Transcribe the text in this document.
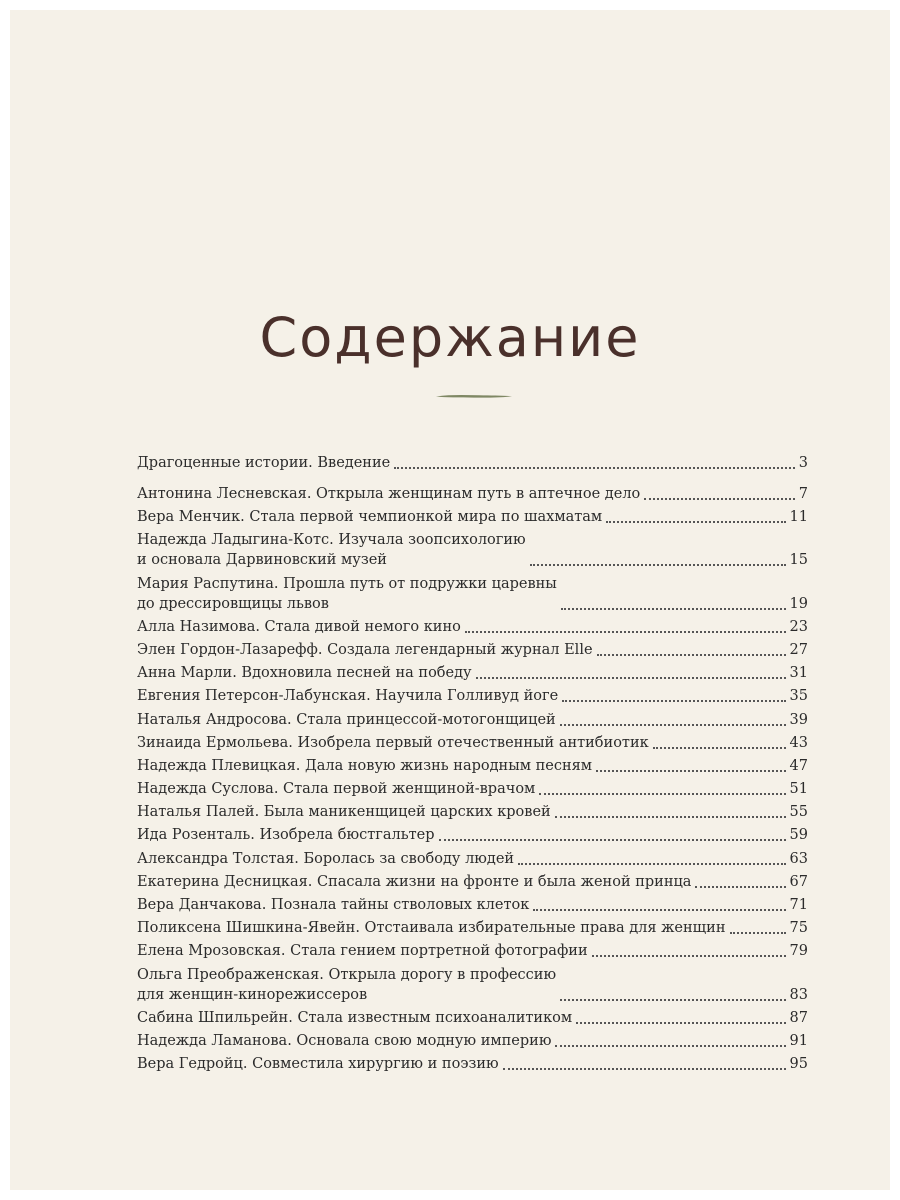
Содержание
Драгоценные истории. Введение	3
Антонина Лесневская. Открыла женщинам путь в аптечное дело	7
Вера Менчик. Стала первой чемпионкой мира по шахматам	11
Надежда Ладыгина-Котс. Изучала зоопсихологию
и основала Дарвиновский музей	15
Мария Распутина. Прошла путь от подружки царевны
до дрессировщицы львов	19
Алла Назимова. Стала дивой немого кино	23
Элен Гордон-Лазарефф. Создала легендарный журнал Elle	27
Анна Марли. Вдохновила песней на победу	31
Евгения Петерсон-Лабунская. Научила Голливуд йоге	35
Наталья Андросова. Стала принцессой-мотогонщицей	39
Зинаида Ермольева. Изобрела первый отечественный антибиотик	43
Надежда Плевицкая. Дала новую жизнь народным песням	47
Надежда Суслова. Стала первой женщиной-врачом	51
Наталья Палей. Была маникенщицей царских кровей	55
Ида Розенталь. Изобрела бюстгальтер	59
Александра Толстая. Боролась за свободу людей	63
Екатерина Десницкая. Спасала жизни на фронте и была женой принца	67
Вера Данчакова. Познала тайны стволовых клеток	71
Поликсена Шишкина-Явейн. Отстаивала избирательные права для женщин	75
Елена Мрозовская. Стала гением портретной фотографии	79
Ольга Преображенская. Открыла дорогу в профессию
для женщин-кинорежиссеров	83
Сабина Шпильрейн. Стала известным психоаналитиком	87
Надежда Ламанова. Основала свою модную империю	91
Вера Гедройц. Совместила хирургию и поэзию	95
